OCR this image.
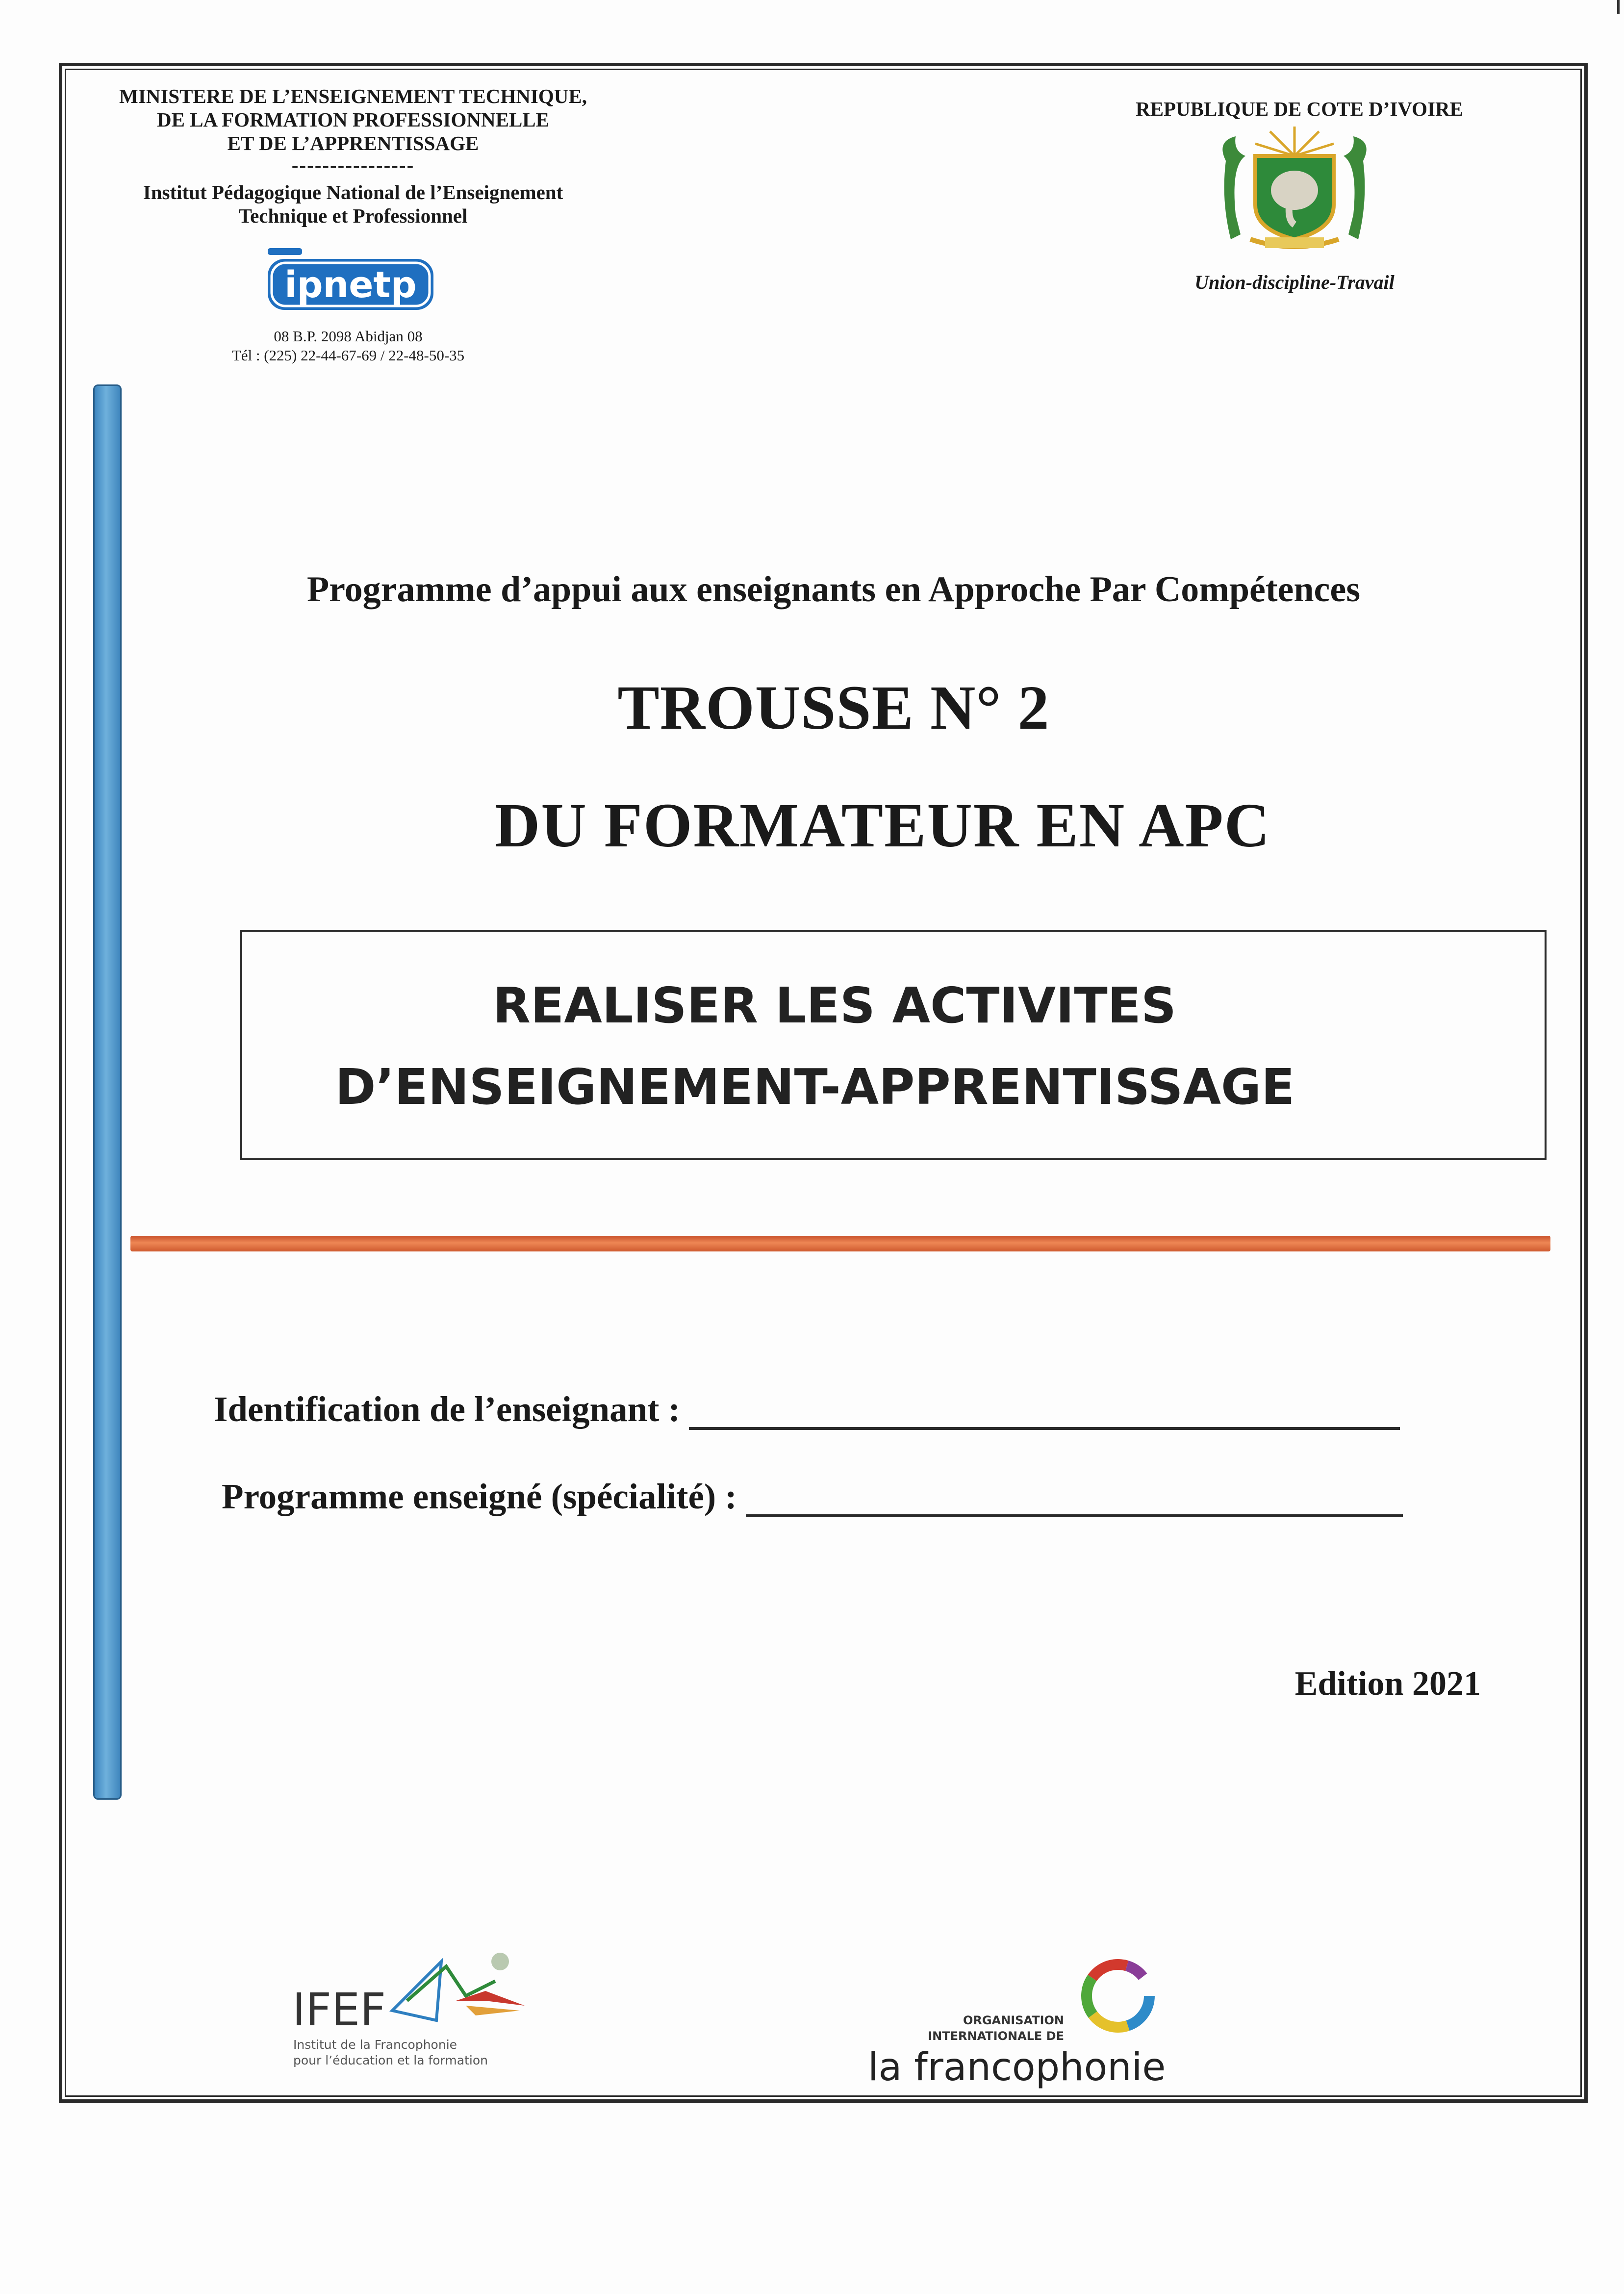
MINISTERE DE L’ENSEIGNEMENT TECHNIQUE,
DE LA FORMATION PROFESSIONNELLE
ET DE L’APPRENTISSAGE
----------------
Institut Pédagogique National de l’Enseignement
Technique et Professionnel
ipnetp
08 B.P. 2098 Abidjan 08
Tél : (225) 22-44-67-69 / 22-48-50-35
REPUBLIQUE DE COTE D’IVOIRE
Union-discipline-Travail
Programme d’appui aux enseignants en Approche Par Compétences
TROUSSE N° 2
DU FORMATEUR EN APC
REALISER LES ACTIVITES
D’ENSEIGNEMENT-APPRENTISSAGE
Identification de l’enseignant :
Programme enseigné (spécialité) :
Edition 2021
IFEF
Institut de la Francophonie
pour l’éducation et la formation
ORGANISATION
INTERNATIONALE DE
la francophonie
